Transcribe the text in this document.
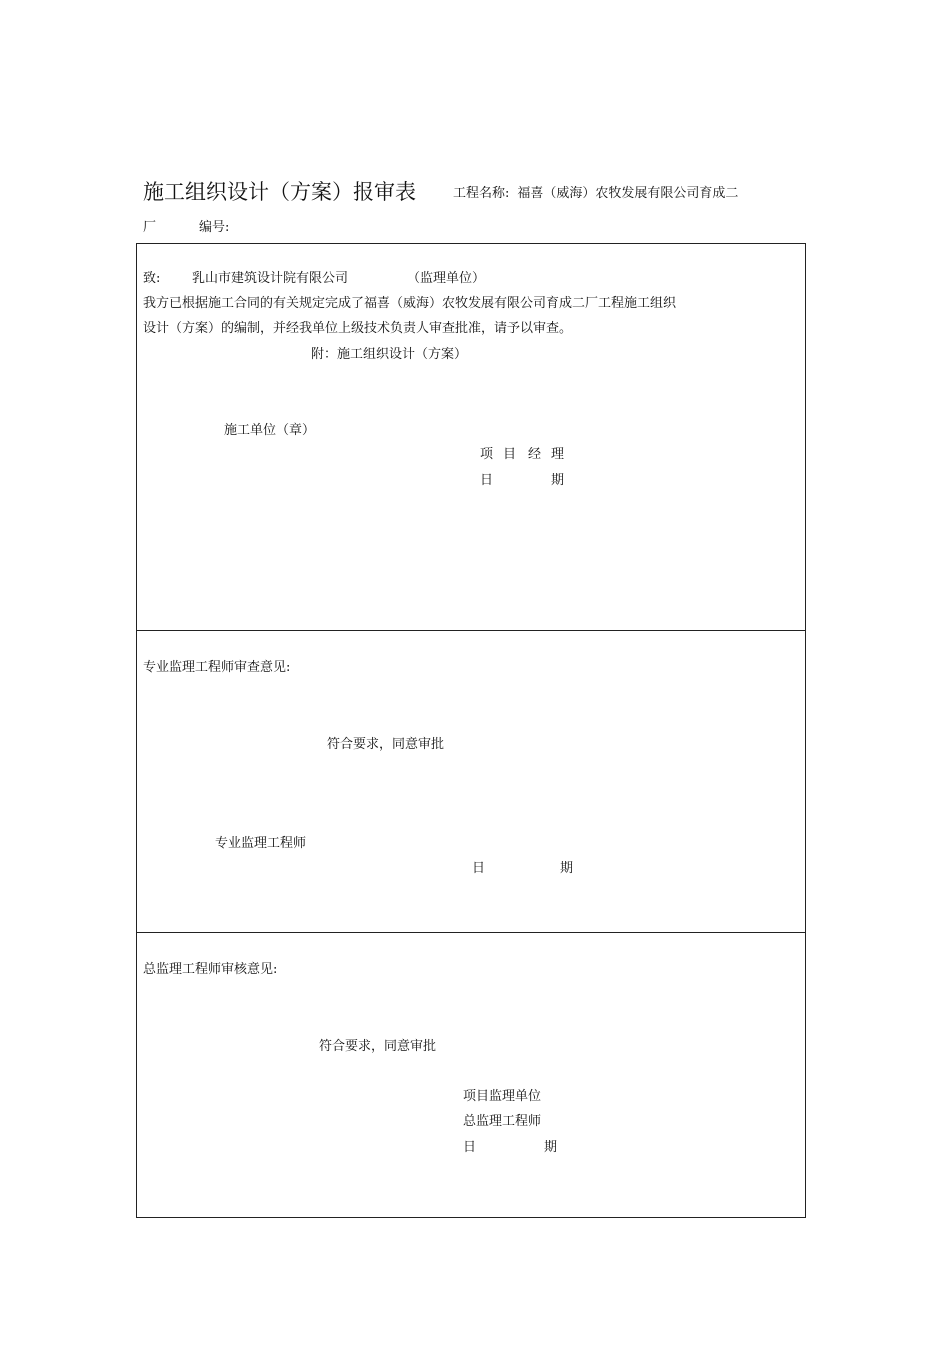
施工组织设计（方案）报审表	工程名称: 福喜（威海）农牧发展有限公司育成二
厂	编号:
致: 乳山市建筑设计院有限公司	（监理单位）
我方已根据施工合同的有关规定完成了福喜（威海）农牧发展有限公司育成二厂工程施工组织
设计（方案）的编制，并经我单位上级技术负责人审查批准，请予以审查。
附：施工组织设计（方案）
施工单位（章）
项 目 经 理
日	期
专业监理工程师审查意见:
符合要求，同意审批
专业监理工程师
日	期
总监理工程师审核意见:
符合要求，同意审批
项目监理单位
总监理工程师
日	期
